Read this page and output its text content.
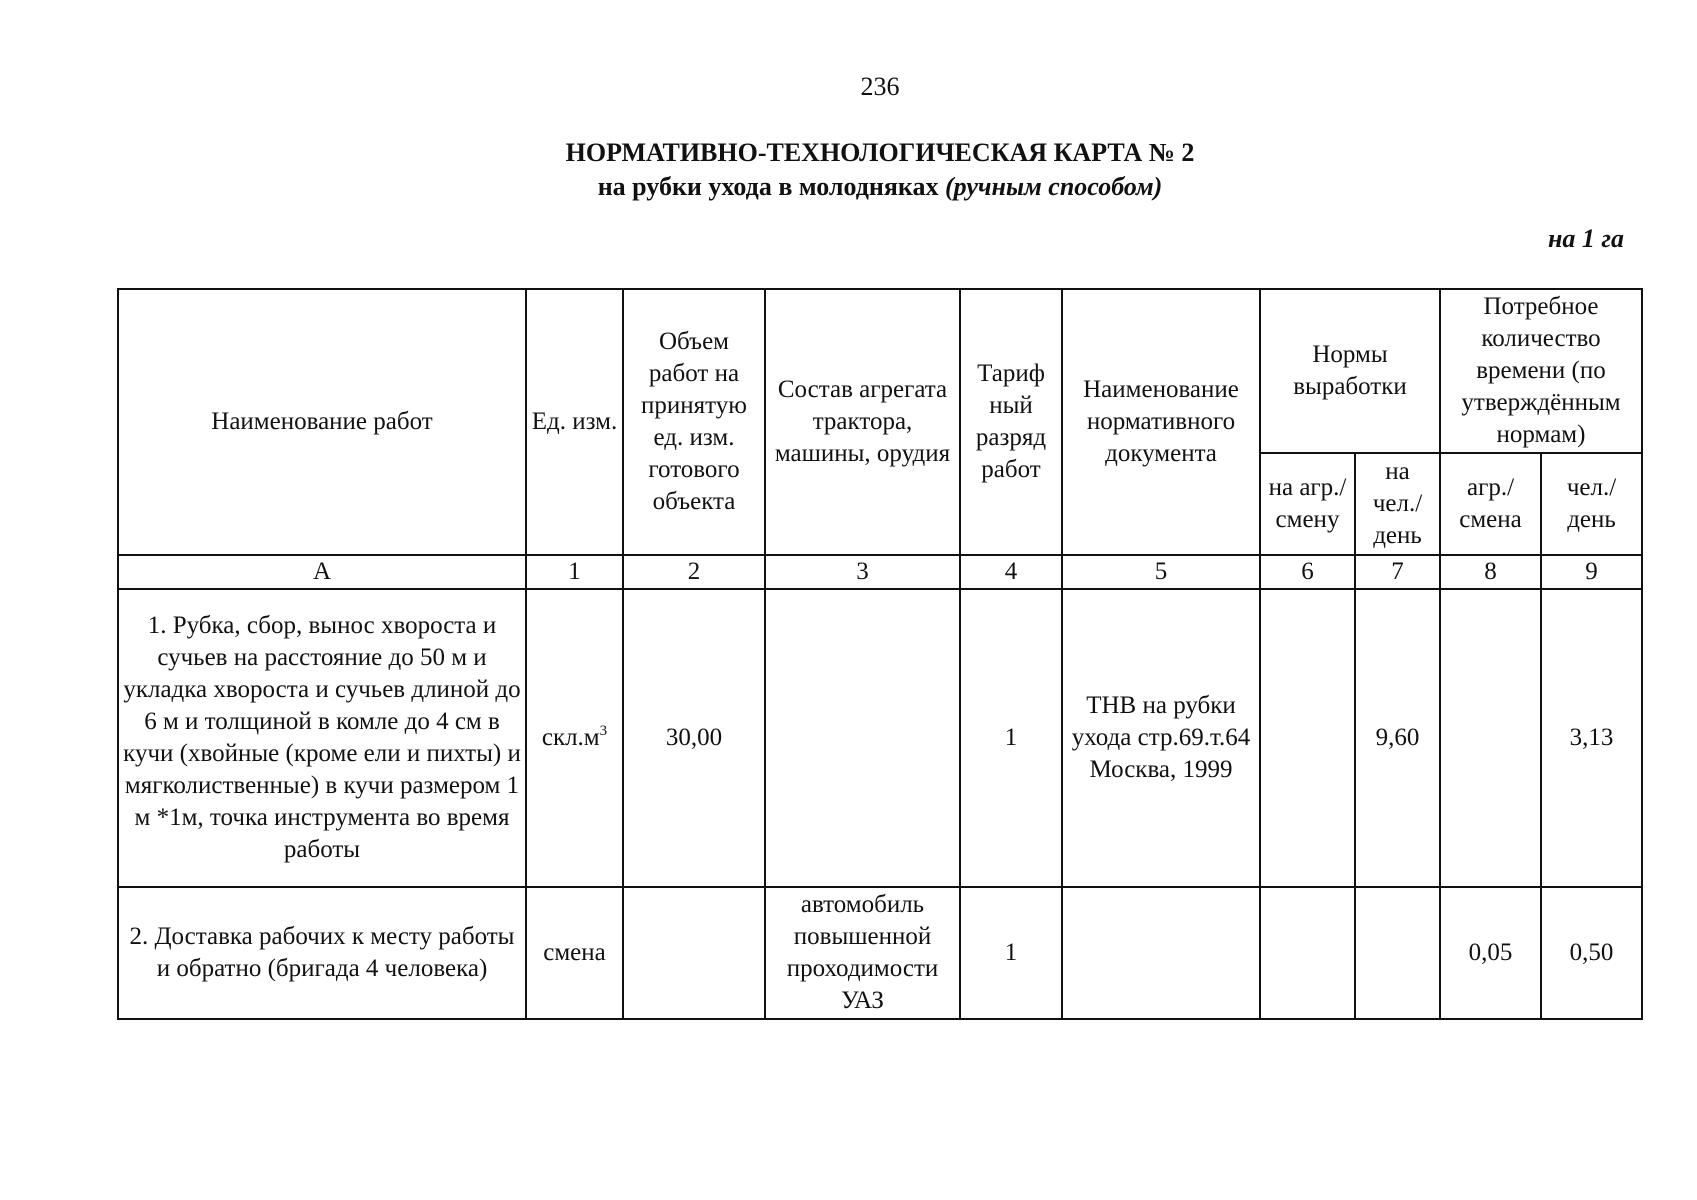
236
НОРМАТИВНО-ТЕХНОЛОГИЧЕСКАЯ КАРТА № 2
на рубки ухода в молодняках (ручным способом)
на 1 га
Наименование работ	Ед. изм.	Объем работ на принятую ед. изм. готового объекта	Состав агрегата трактора, машины, орудия	Тариф ный разряд работ	Наименование нормативного документа	Нормы выработки		Потребное количество времени (по утверждённым нормам)	
						на агр./ смену	на чел./ день	агр./ смена	чел./ день
А	1	2	3	4	5	6	7	8	9
1. Рубка, сбор, вынос хвороста и сучьев на расстояние до 50 м и укладка хвороста и сучьев длиной до 6 м и толщиной в комле до 4 см в кучи (хвойные (кроме ели и пихты) и мягколиственные) в кучи размером 1 м *1м, точка инструмента во время работы	$скл.м^3$	30,00		1	ТНВ на рубки ухода стр.69.т.64 Москва, 1999		9,60		3,13
2. Доставка рабочих к месту работы и обратно (бригада 4 человека)	смена		автомобиль повышенной проходимости УАЗ	1				0,05	0,50
